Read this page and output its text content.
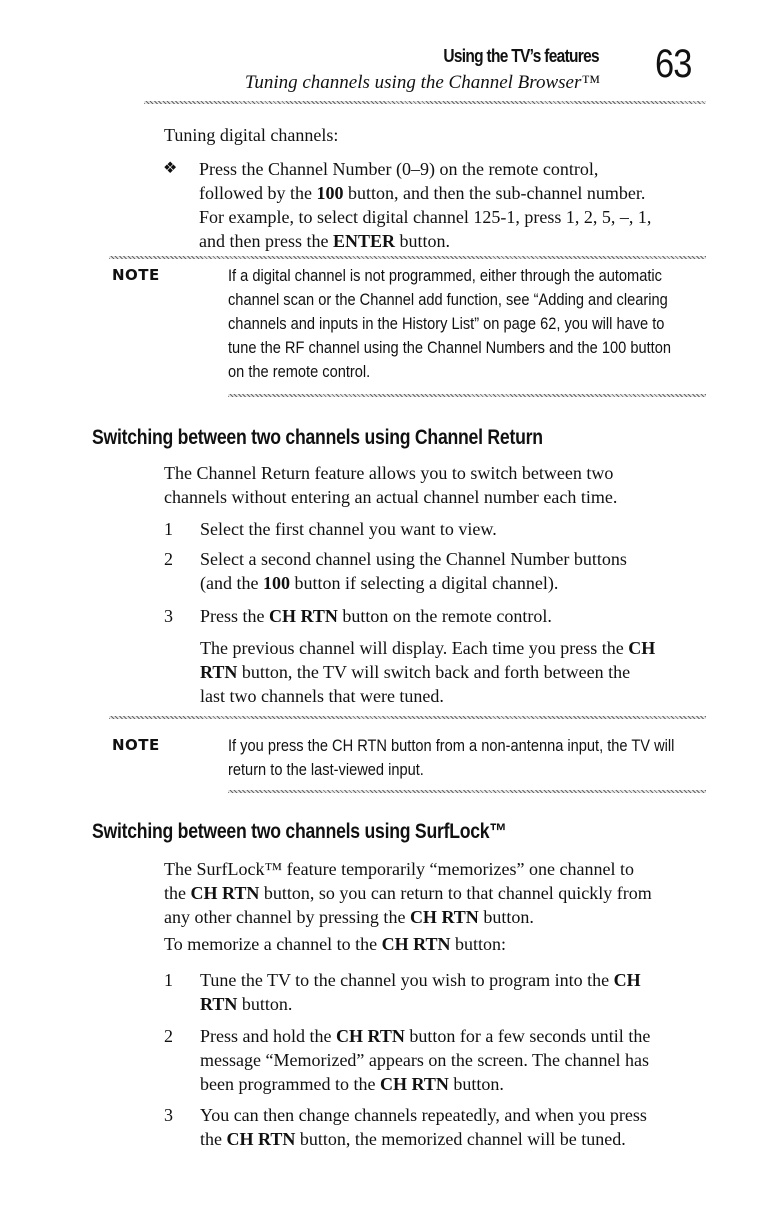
Using the TV’s features
Tuning channels using the Channel Browser™ 63
Tuning digital channels:
❖	Press the Channel Number (0–9) on the remote control,
followed by the 100 button, and then the sub-channel number.
For example, to select digital channel 125-1, press 1, 2, 5, –, 1,
and then press the ENTER button.
NOTE	If a digital channel is not programmed, either through the automatic
channel scan or the Channel add function, see “Adding and clearing
channels and inputs in the History List” on page 62, you will have to
tune the RF channel using the Channel Numbers and the 100 button
on the remote control.
Switching between two channels using Channel Return
The Channel Return feature allows you to switch between two
channels without entering an actual channel number each time.
1 Select the first channel you want to view.
2 Select a second channel using the Channel Number buttons
(and the 100 button if selecting a digital channel).
3 Press the CH RTN button on the remote control.
The previous channel will display. Each time you press the CH
RTN button, the TV will switch back and forth between the
last two channels that were tuned.
NOTE	If you press the CH RTN button from a non-antenna input, the TV will
return to the last-viewed input.
Switching between two channels using SurfLock™
The SurfLock™ feature temporarily “memorizes” one channel to
the CH RTN button, so you can return to that channel quickly from
any other channel by pressing the CH RTN button.
To memorize a channel to the CH RTN button:
1 Tune the TV to the channel you wish to program into the CH
RTN button.
2 Press and hold the CH RTN button for a few seconds until the
message “Memorized” appears on the screen. The channel has
been programmed to the CH RTN button.
3 You can then change channels repeatedly, and when you press
the CH RTN button, the memorized channel will be tuned.
